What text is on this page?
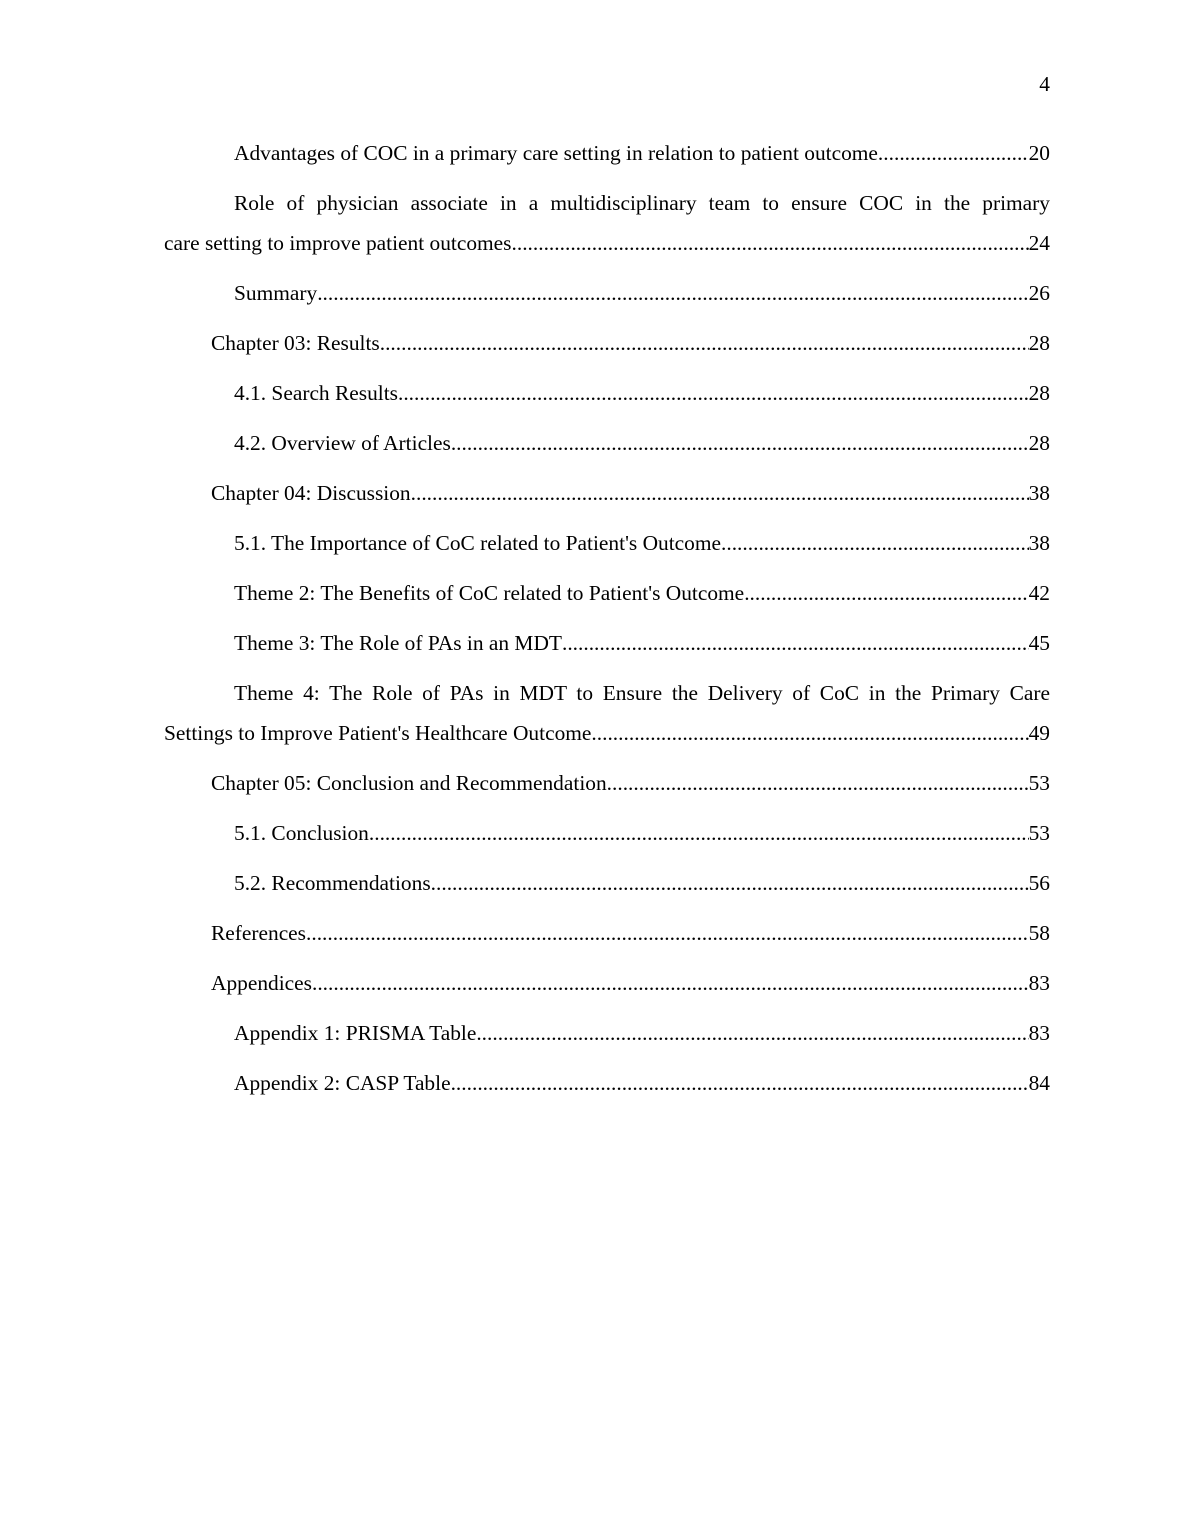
4
Advantages of COC in a primary care setting in relation to patient outcome .....	20
Role of physician associate in a multidisciplinary team to ensure COC in the primary
care setting to improve patient outcomes .....	24
Summary .....	26
Chapter 03: Results .....	28
4.1. Search Results .....	28
4.2. Overview of Articles .....	28
Chapter 04: Discussion .....	38
5.1. The Importance of CoC related to Patient's Outcome .....	38
Theme 2: The Benefits of CoC related to Patient's Outcome .....	42
Theme 3: The Role of PAs in an MDT .....	45
Theme 4: The Role of PAs in MDT to Ensure the Delivery of CoC in the Primary Care
Settings to Improve Patient's Healthcare Outcome .....	49
Chapter 05: Conclusion and Recommendation .....	53
5.1. Conclusion .....	53
5.2. Recommendations .....	56
References .....	58
Appendices .....	83
Appendix 1: PRISMA Table .....	83
Appendix 2: CASP Table .....	84
